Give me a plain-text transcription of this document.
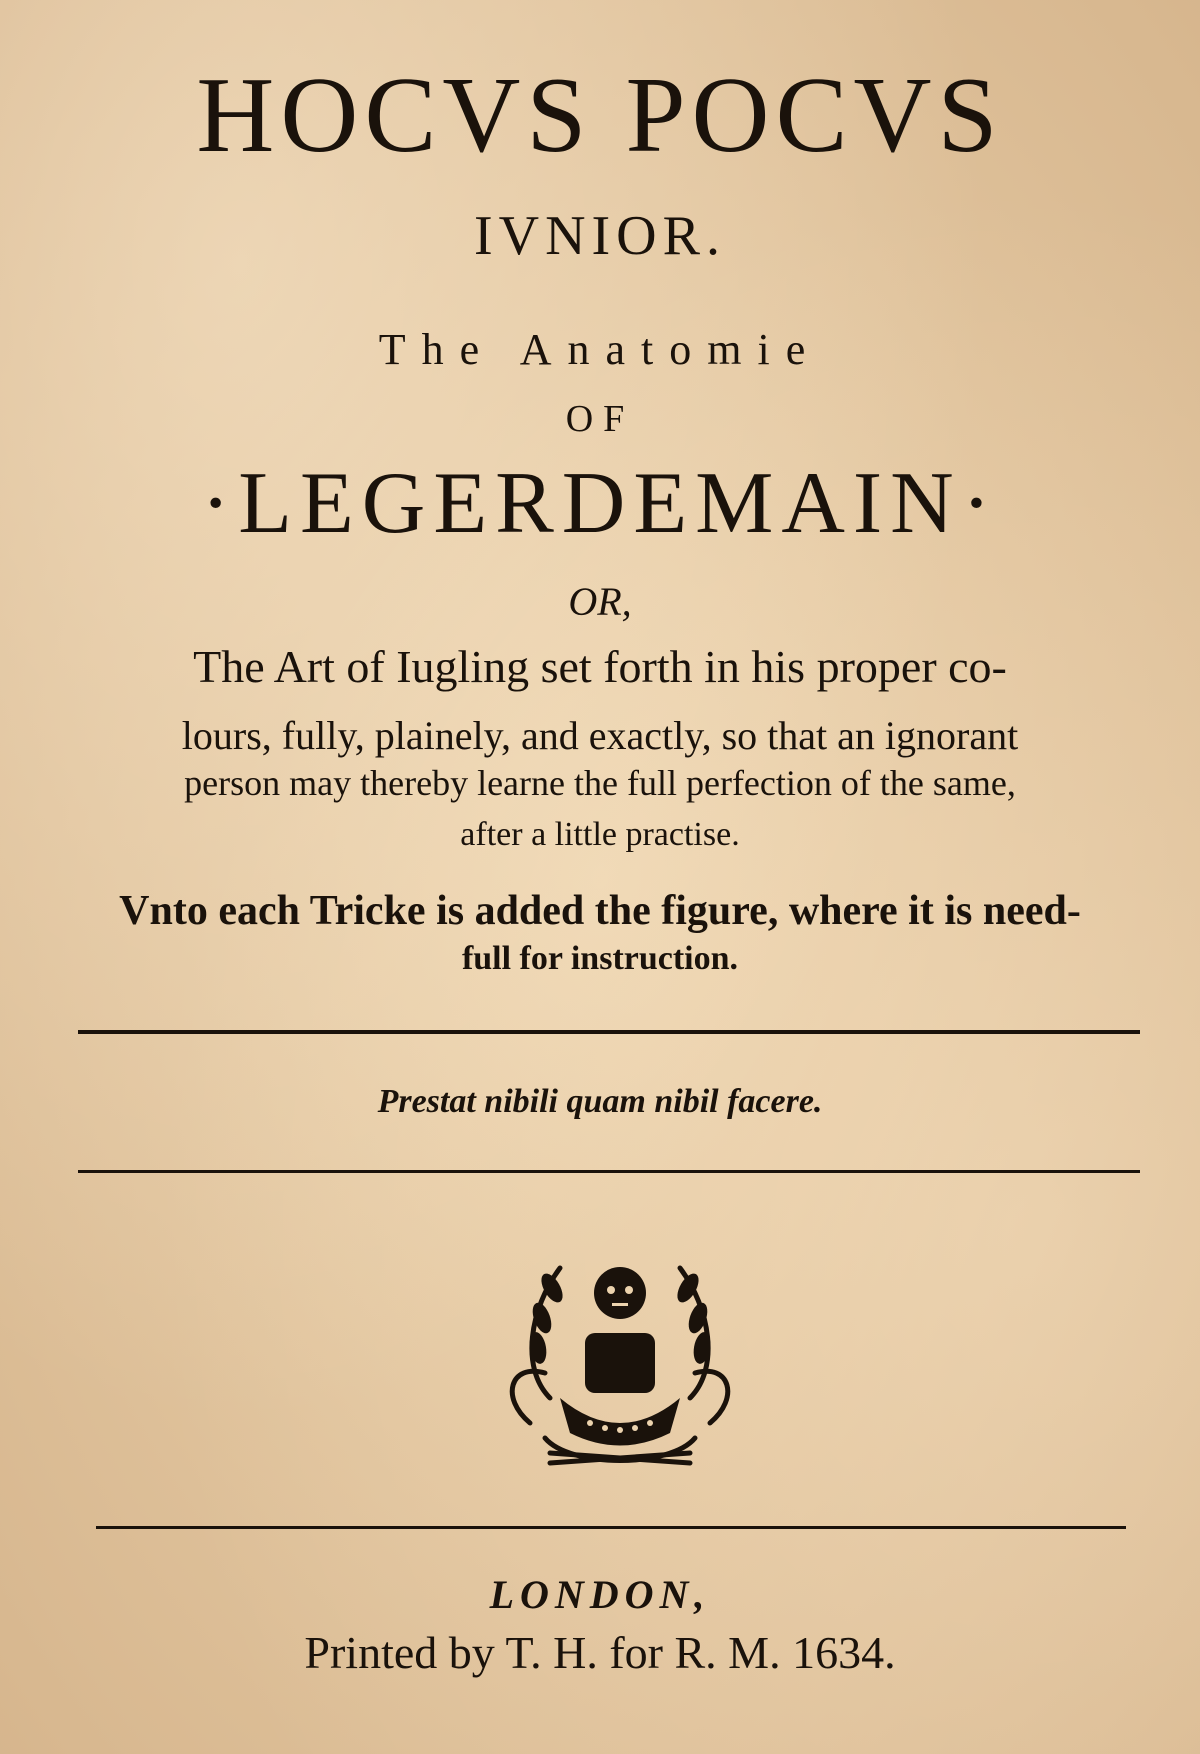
HOCVS POCVS
IVNIOR.
The Anatomie
OF
·LEGERDEMAIN·
OR,
The Art of Iugling set forth in his proper co-
lours, fully, plainely, and exactly, so that an ignorant
person may thereby learne the full perfection of the same,
after a little practise.
Vnto each Tricke is added the figure, where it is need-
full for instruction.
Prestat nibili quam nibil facere.
LONDON,
Printed by T. H. for R. M. 1634.
